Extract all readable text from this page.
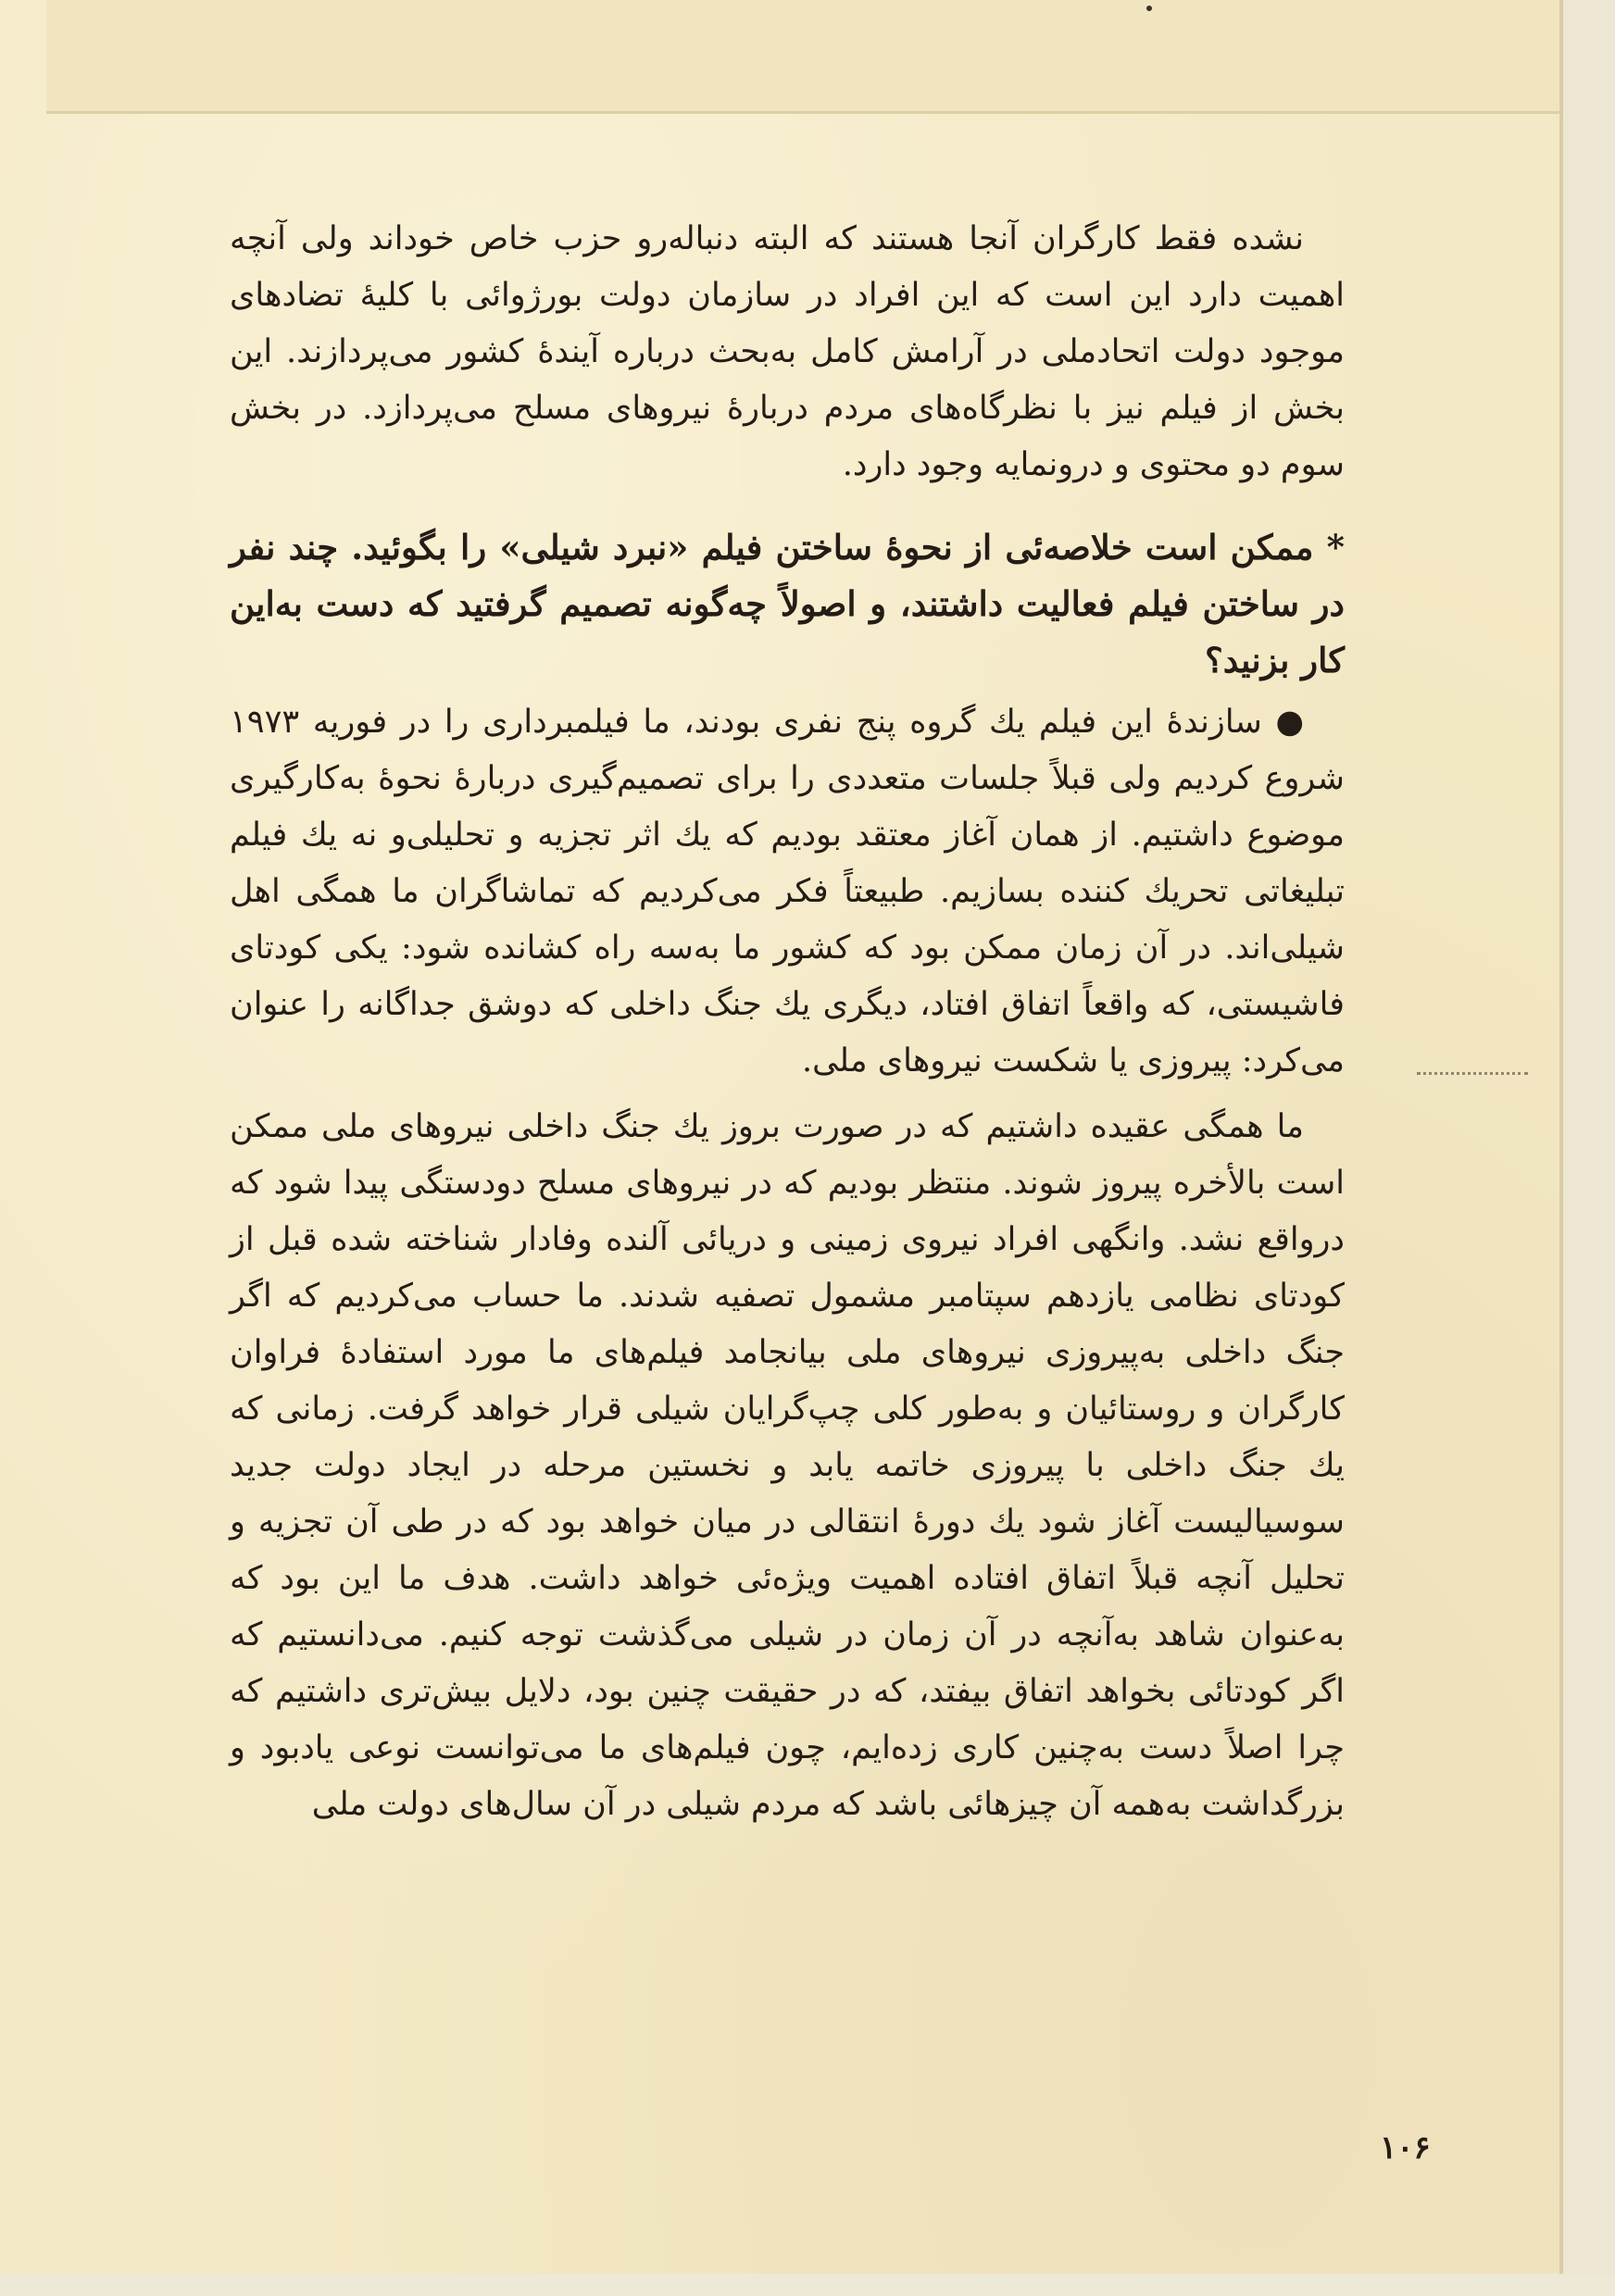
نشده فقط کارگران آنجا هستند که البته دنباله‌رو حزب خاص خوداند ولی آنچه اهمیت دارد این است که این افراد در سازمان دولت بورژوائی با کلیهٔ تضادهای موجود دولت اتحادملی در آرامش کامل به‌بحث درباره آیندهٔ کشور می‌پردازند. این بخش از فیلم نیز با نظرگاه‌های مردم دربارهٔ نیروهای مسلح می‌پردازد. در بخش سوم دو محتوی و درونمایه وجود دارد.

* ممکن است خلاصه‌ئی از نحوهٔ ساختن فیلم «نبرد شیلی» را بگوئید. چند نفر در ساختن فیلم فعالیت داشتند، و اصولاً چه‌گونه تصمیم گرفتید که دست به‌این کار بزنید؟

● سازندهٔ این فیلم یك گروه پنج نفری بودند، ما فیلمبرداری را در فوریه ۱۹۷۳ شروع کردیم ولی قبلاً جلسات متعددی را برای تصمیم‌گیری دربارهٔ نحوهٔ به‌کارگیری موضوع داشتیم. از همان آغاز معتقد بودیم که یك اثر تجزیه و تحلیلی‌و نه یك فیلم تبلیغاتی تحریك کننده بسازیم. طبیعتاً فکر می‌کردیم که تماشاگران ما همگی اهل شیلی‌اند. در آن زمان ممکن بود که کشور ما به‌سه راه کشانده شود: یکی کودتای فاشیستی، که واقعاً اتفاق افتاد، دیگری یك جنگ داخلی که دوشق جداگانه را عنوان می‌کرد: پیروزی یا شکست نیروهای ملی.

ما همگی عقیده داشتیم که در صورت بروز یك جنگ داخلی نیروهای ملی ممکن است بالأخره پیروز شوند. منتظر بودیم که در نیروهای مسلح دودستگی پیدا شود که درواقع نشد. وانگهی افراد نیروی زمینی و دریائی آلنده وفادار شناخته شده قبل از کودتای نظامی یازدهم سپتامبر مشمول تصفیه شدند. ما حساب می‌کردیم که اگر جنگ داخلی به‌پیروزی نیروهای ملی بیانجامد فیلم‌های ما مورد استفادهٔ فراوان کارگران و روستائیان و به‌طور کلی چپ‌گرایان شیلی قرار خواهد گرفت. زمانی که یك جنگ داخلی با پیروزی خاتمه یابد و نخستین مرحله در ایجاد دولت جدید سوسیالیست آغاز شود یك دورهٔ انتقالی در میان خواهد بود که در طی آن تجزیه و تحلیل آنچه قبلاً اتفاق افتاده اهمیت ویژه‌ئی خواهد داشت. هدف ما این بود که به‌عنوان شاهد به‌آنچه در آن زمان در شیلی می‌گذشت توجه کنیم. می‌دانستیم که اگر کودتائی بخواهد اتفاق بیفتد، که در حقیقت چنین بود، دلایل بیش‌تری داشتیم که چرا اصلاً دست به‌چنین کاری زده‌ایم، چون فیلم‌های ما می‌توانست نوعی یادبود و بزرگداشت به‌همه آن چیزهائی باشد که مردم شیلی در آن سال‌های دولت ملی

۱۰۶
